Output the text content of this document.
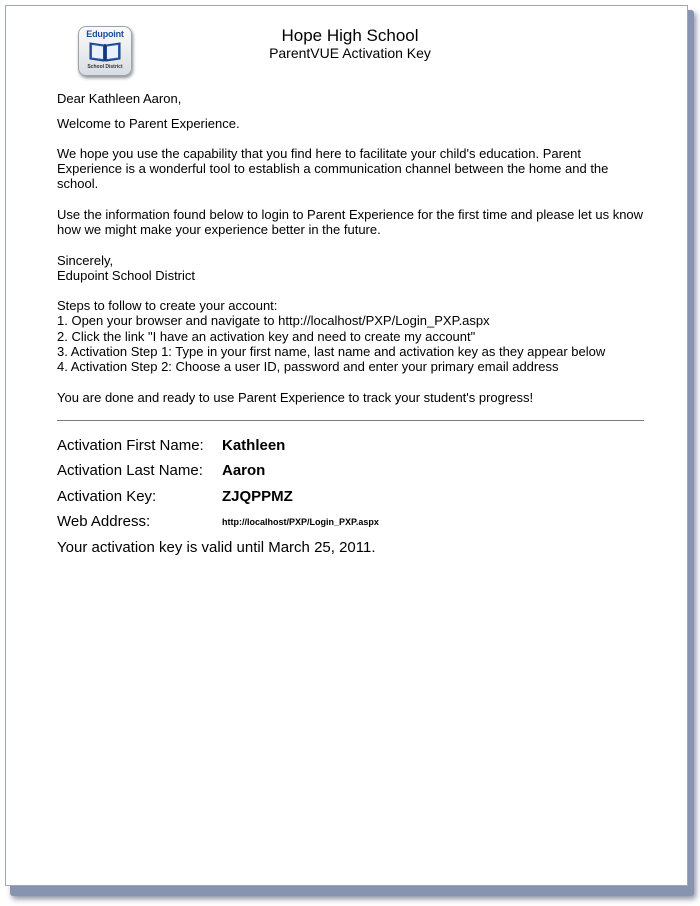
Edupoint
School District
Hope High School
ParentVUE Activation Key
Dear Kathleen Aaron,
Welcome to Parent Experience.
We hope you use the capability that you find here to facilitate your child's education. Parent Experience is a wonderful tool to establish a communication channel between the home and the school.
Use the information found below to login to Parent Experience for the first time and please let us know how we might make your experience better in the future.
Sincerely,
Edupoint School District
Steps to follow to create your account:
1. Open your browser and navigate to http://localhost/PXP/Login_PXP.aspx
2. Click the link "I have an activation key and need to create my account"
3. Activation Step 1: Type in your first name, last name and activation key as they appear below
4. Activation Step 2: Choose a user ID, password and enter your primary email address
You are done and ready to use Parent Experience to track your student's progress!
Activation First Name: Kathleen
Activation Last Name: Aaron
Activation Key:	ZJQPPMZ
Web Address:	http://localhost/PXP/Login_PXP.aspx
Your activation key is valid until March 25, 2011.
